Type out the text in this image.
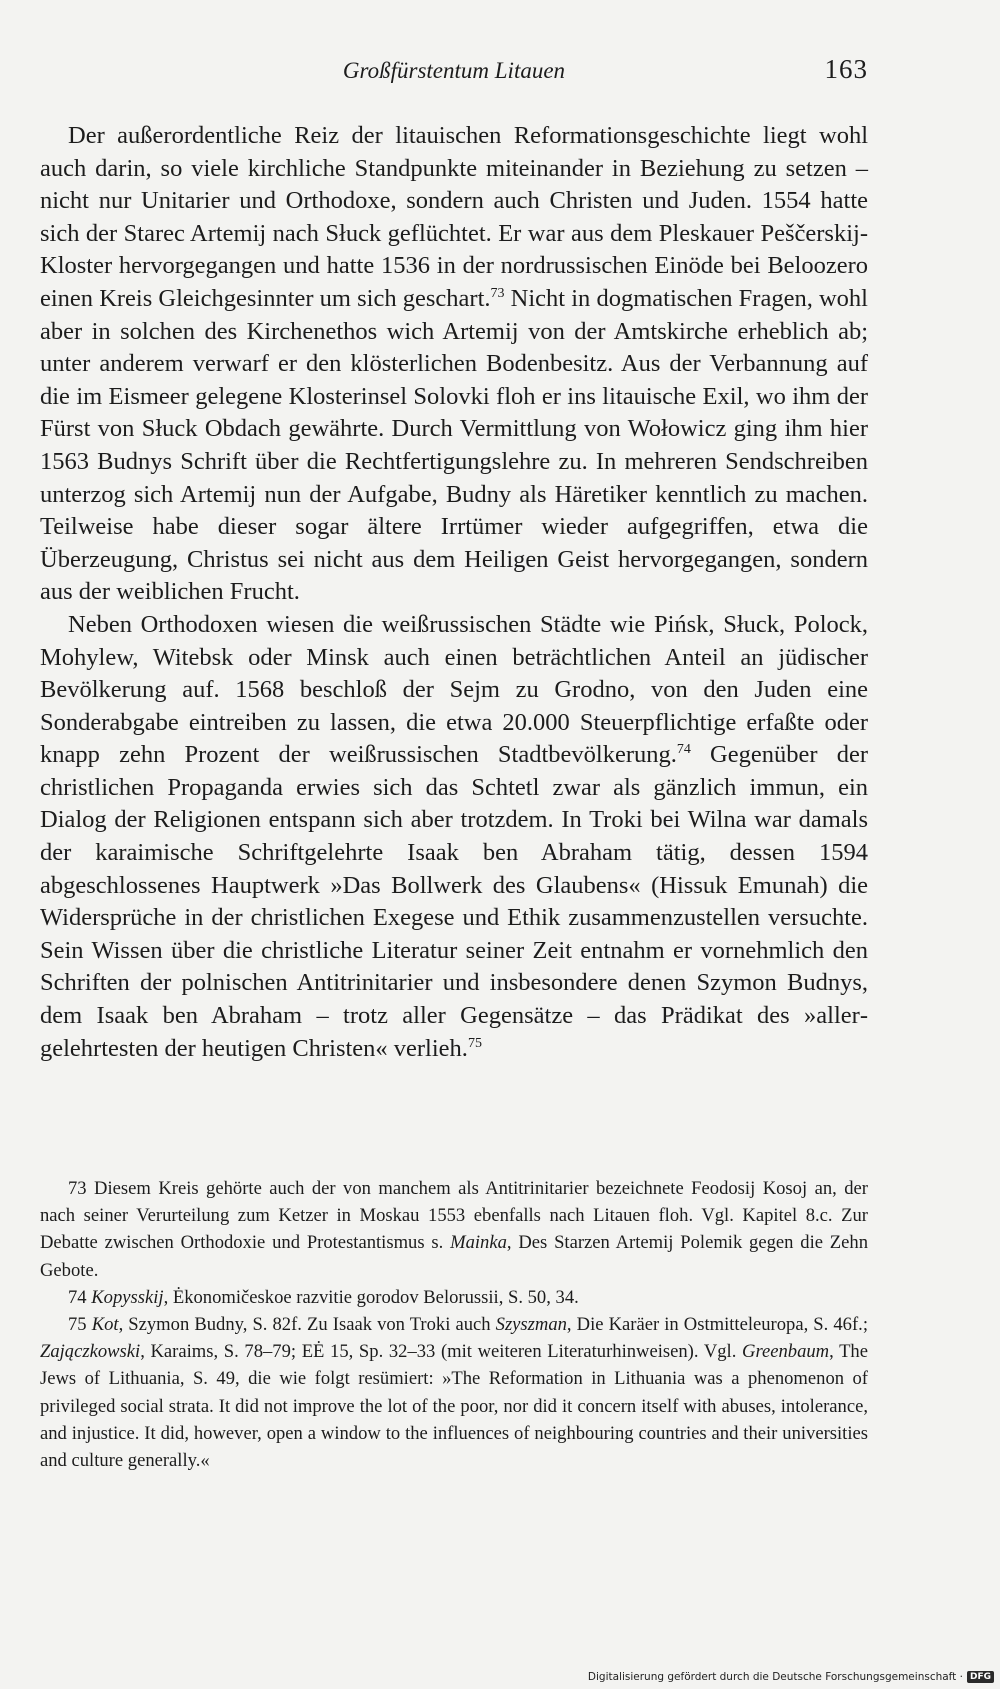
Großfürstentum Litauen	163

Der außerordentliche Reiz der litauischen Reformationsgeschichte liegt wohl auch darin, so viele kirchliche Standpunkte miteinander in Beziehung zu setzen – nicht nur Unitarier und Orthodoxe, sondern auch Christen und Juden. 1554 hatte sich der Starec Artemij nach Słuck geflüchtet. Er war aus dem Pleskauer Peščerskij-Kloster hervorgegangen und hatte 1536 in der nordrussischen Einöde bei Beloozero einen Kreis Gleichgesinnter um sich geschart.$^{73}$ Nicht in dogmatischen Fragen, wohl aber in solchen des Kirchenethos wich Artemij von der Amtskirche erheblich ab; unter anderem verwarf er den klösterlichen Bodenbesitz. Aus der Verbannung auf die im Eismeer gelegene Klosterinsel Solovki floh er ins litauische Exil, wo ihm der Fürst von Słuck Obdach gewährte. Durch Vermittlung von Wołowicz ging ihm hier 1563 Budnys Schrift über die Rechtfertigungslehre zu. In mehreren Sendschreiben unterzog sich Artemij nun der Aufgabe, Budny als Häretiker kenntlich zu machen. Teilweise habe dieser sogar ältere Irrtümer wieder aufgegriffen, etwa die Überzeugung, Christus sei nicht aus dem Heiligen Geist hervorgegangen, sondern aus der weiblichen Frucht.

Neben Orthodoxen wiesen die weißrussischen Städte wie Pińsk, Słuck, Polock, Mohylew, Witebsk oder Minsk auch einen beträchtlichen Anteil an jüdischer Bevölkerung auf. 1568 beschloß der Sejm zu Grodno, von den Juden eine Sonderabgabe eintreiben zu lassen, die etwa 20.000 Steuerpflichtige erfaßte oder knapp zehn Prozent der weißrussischen Stadtbevölkerung.$^{74}$ Gegenüber der christlichen Propaganda erwies sich das Schtetl zwar als gänzlich immun, ein Dialog der Religionen entspann sich aber trotzdem. In Troki bei Wilna war damals der karaimische Schriftgelehrte Isaak ben Abraham tätig, dessen 1594 abgeschlossenes Hauptwerk »Das Bollwerk des Glaubens« (Hissuk Emunah) die Widersprüche in der christlichen Exegese und Ethik zusammenzustellen versuchte. Sein Wissen über die christliche Literatur seiner Zeit entnahm er vornehmlich den Schriften der polnischen Antitrinitarier und insbesondere denen Szymon Budnys, dem Isaak ben Abraham – trotz aller Gegensätze – das Prädikat des »allergelehrtesten der heutigen Christen« verlieh.$^{75}$

73 Diesem Kreis gehörte auch der von manchem als Antitrinitarier bezeichnete Feodosij Kosoj an, der nach seiner Verurteilung zum Ketzer in Moskau 1553 ebenfalls nach Litauen floh. Vgl. Kapitel 8.c. Zur Debatte zwischen Orthodoxie und Protestantismus s. Mainka, Des Starzen Artemij Polemik gegen die Zehn Gebote.

74 Kopysskij, Ėkonomičeskoe razvitie gorodov Belorussii, S. 50, 34.

75 Kot, Szymon Budny, S. 82f. Zu Isaak von Troki auch Szyszman, Die Karäer in Ostmitteleuropa, S. 46f.; Zajączkowski, Karaims, S. 78–79; EĖ 15, Sp. 32–33 (mit weiteren Literaturhinweisen). Vgl. Greenbaum, The Jews of Lithuania, S. 49, die wie folgt resümiert: »The Reformation in Lithuania was a phenomenon of privileged social strata. It did not improve the lot of the poor, nor did it concern itself with abuses, intolerance, and injustice. It did, however, open a window to the influences of neighbouring countries and their universities and culture generally.«

Digitalisierung gefördert durch die Deutsche Forschungsgemeinschaft · DFG
